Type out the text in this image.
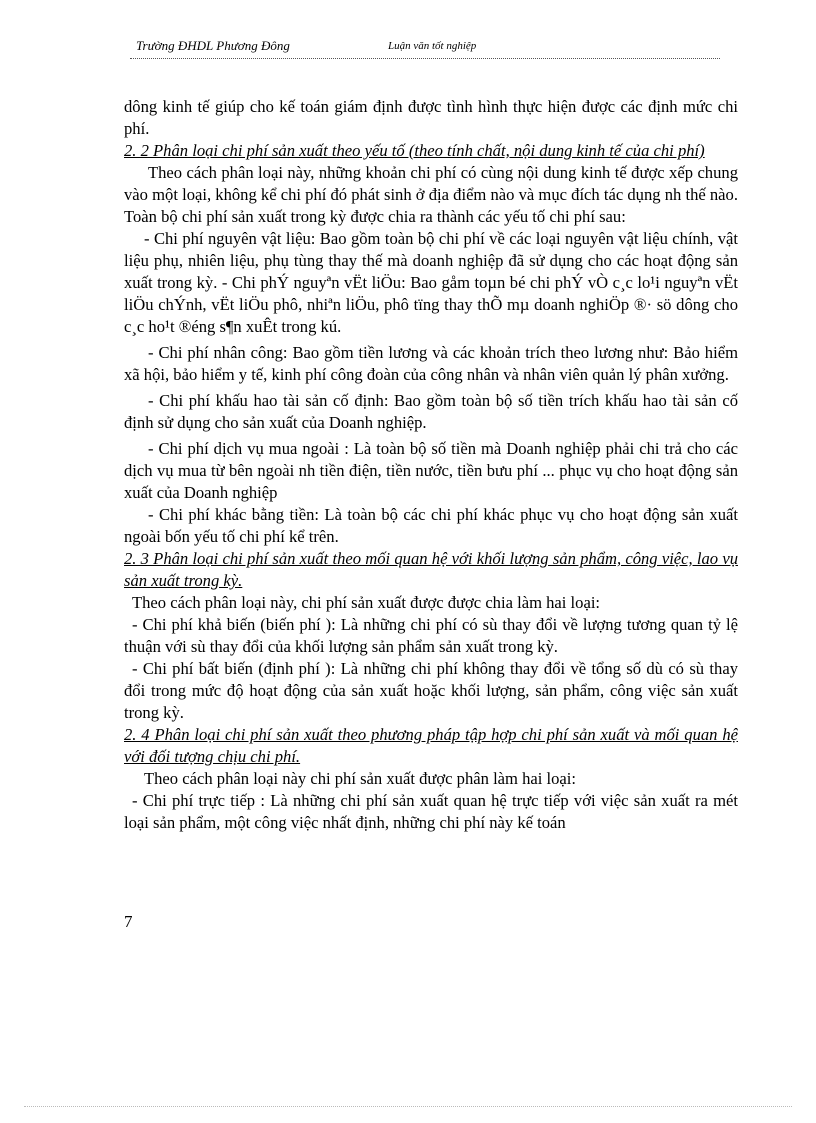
Trường ĐHDL Phương Đông	Luận văn tốt nghiệp

dông kinh tế giúp cho kế toán giám định được tình hình thực hiện được các định mức chi phí.

2. 2 Phân loại chi phí sản xuất theo yếu tố (theo tính chất, nội dung kinh tế của chi phí)

Theo cách phân loại này, những khoản chi phí có cùng nội dung kinh tế được xếp chung vào một loại, không kể chi phí đó phát sinh ở địa điểm nào và mục đích tác dụng nh thế nào. Toàn bộ chi phí sản xuất trong kỳ được chia ra thành các yếu tố chi phí sau:

- Chi phí nguyên vật liệu: Bao gồm toàn bộ chi phí về các loại nguyên vật liệu chính, vật liệu phụ, nhiên liệu, phụ tùng thay thế mà doanh nghiệp đã sử dụng cho các hoạt động sản xuất trong kỳ. - Chi phÝ nguyªn vËt liÖu: Bao gåm toµn bé chi phÝ vÒ c¸c lo¹i nguyªn vËt liÖu chÝnh, vËt liÖu phô, nhiªn liÖu, phô tïng thay thÕ mµ doanh nghiÖp ®· sö dông cho c¸c ho¹t ®éng s¶n xuÊt trong kú.

- Chi phí nhân công: Bao gồm tiền lương và các khoản trích theo lương như: Bảo hiểm xã hội, bảo hiểm y tế, kinh phí công đoàn của công nhân và nhân viên quản lý phân xưởng.

- Chi phí khấu hao tài sản cố định: Bao gồm toàn bộ số tiền trích khấu hao tài sản cố định sử dụng cho sản xuất của Doanh nghiệp.

- Chi phí dịch vụ mua ngoài : Là toàn bộ số tiền mà Doanh nghiệp phải chi trả cho các dịch vụ mua từ bên ngoài nh tiền điện, tiền nước, tiền bưu phí ... phục vụ cho hoạt động sản xuất của Doanh nghiệp

- Chi phí khác bằng tiền: Là toàn bộ các chi phí khác phục vụ cho hoạt động sản xuất ngoài bốn yếu tố chi phí kể trên.

2. 3 Phân loại chi phí sản xuất theo mối quan hệ với khối lượng sản phẩm, công việc, lao vụ sản xuất trong kỳ.

Theo cách phân loại này, chi phí sản xuất được được chia làm hai loại:

- Chi phí khả biến (biến phí ): Là những chi phí có sù thay đổi về lượng tương quan tỷ lệ thuận với sù thay đổi của khối lượng sản phẩm sản xuất trong kỳ.

- Chi phí bất biến (định phí ): Là những chi phí không thay đổi về tổng số dù có sù thay đổi trong mức độ hoạt động của sản xuất hoặc khối lượng, sản phẩm, công việc sản xuất trong kỳ.

2. 4 Phân loại chi phí sản xuất theo phương pháp tập hợp chi phí sản xuất và mối quan hệ với đối tượng chịu chi phí.

Theo cách phân loại này chi phí sản xuất được phân làm hai loại:

- Chi phí trực tiếp : Là những chi phí sản xuất quan hệ trực tiếp với việc sản xuất ra mét loại sản phẩm, một công việc nhất định, những chi phí này kế toán

7
